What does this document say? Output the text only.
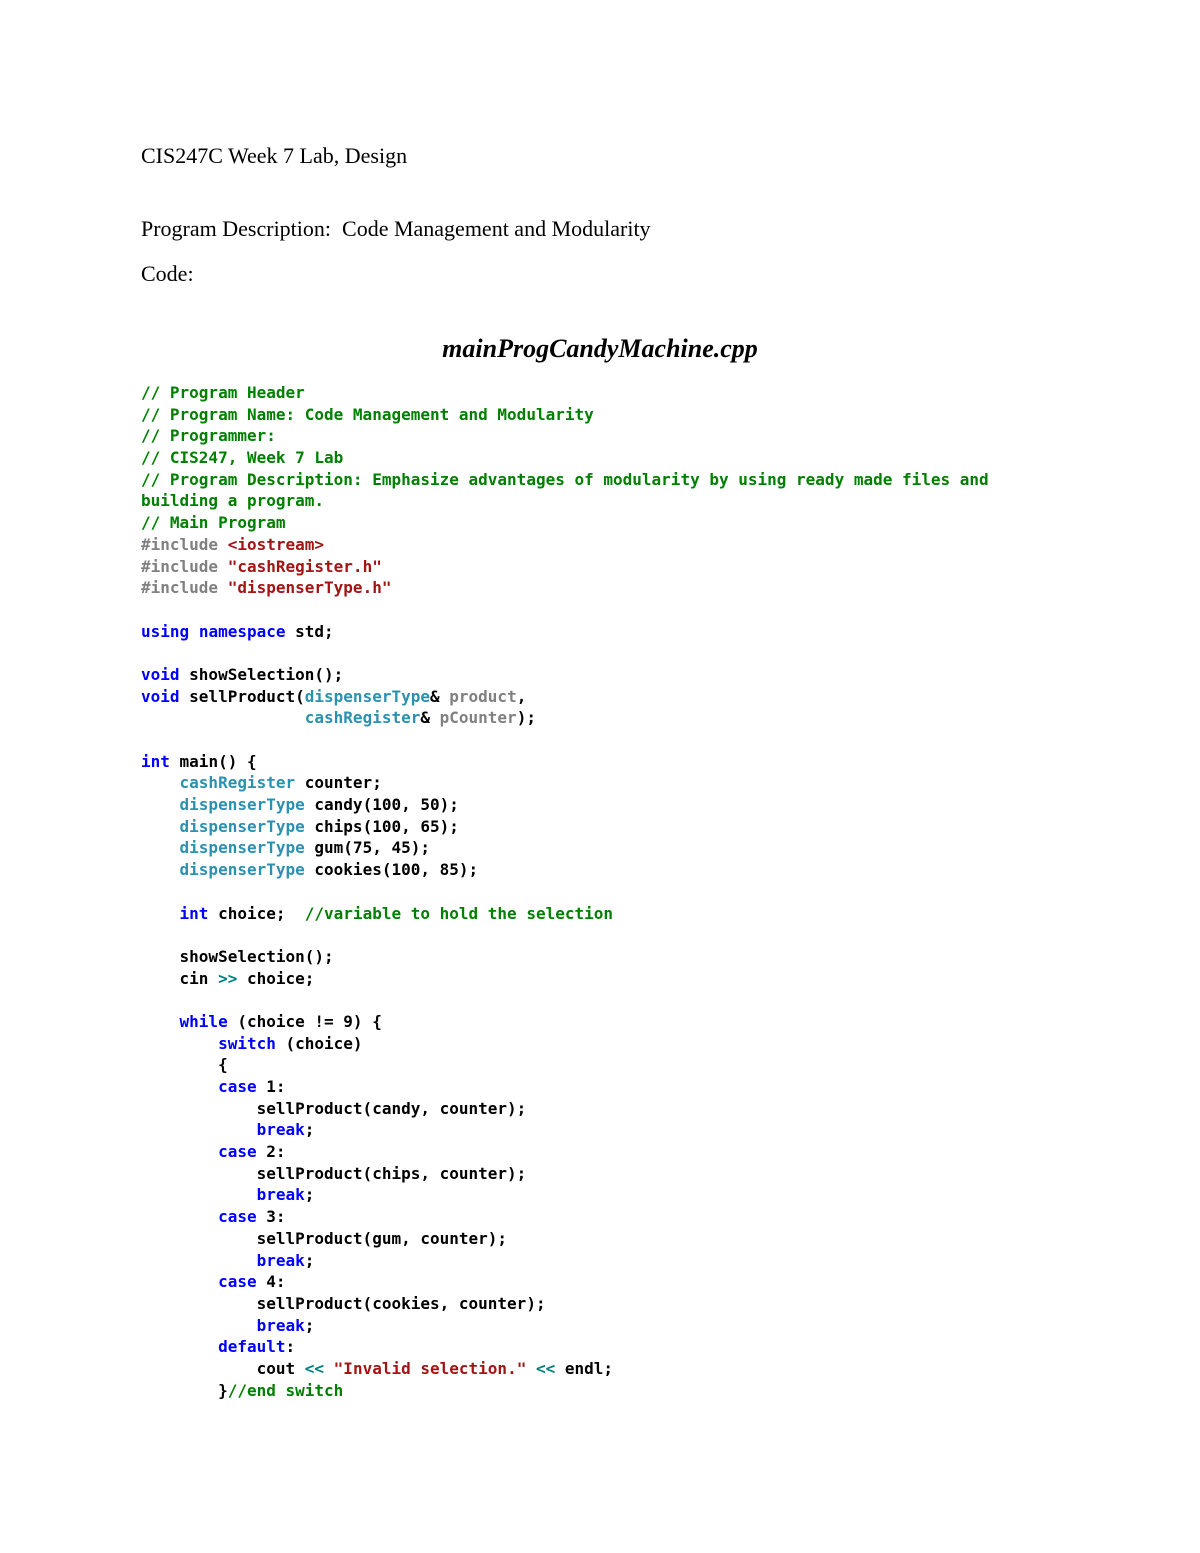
CIS247C Week 7 Lab, Design

Program Description:  Code Management and Modularity

Code:

mainProgCandyMachine.cpp

// Program Header
// Program Name: Code Management and Modularity
// Programmer:
// CIS247, Week 7 Lab
// Program Description: Emphasize advantages of modularity by using ready made files and
building a program.
// Main Program
#include <iostream>
#include "cashRegister.h"
#include "dispenserType.h"

using namespace std;

void showSelection();
void sellProduct(dispenserType& product,
cashRegister& pCounter);

int main() {
cashRegister counter;
dispenserType candy(100, 50);
dispenserType chips(100, 65);
dispenserType gum(75, 45);
dispenserType cookies(100, 85);

int choice;  //variable to hold the selection

showSelection();
cin >> choice;

while (choice != 9) {
switch (choice)
{
case 1:
sellProduct(candy, counter);
break;
case 2:
sellProduct(chips, counter);
break;
case 3:
sellProduct(gum, counter);
break;
case 4:
sellProduct(cookies, counter);
break;
default:
cout << "Invalid selection." << endl;
}//end switch
